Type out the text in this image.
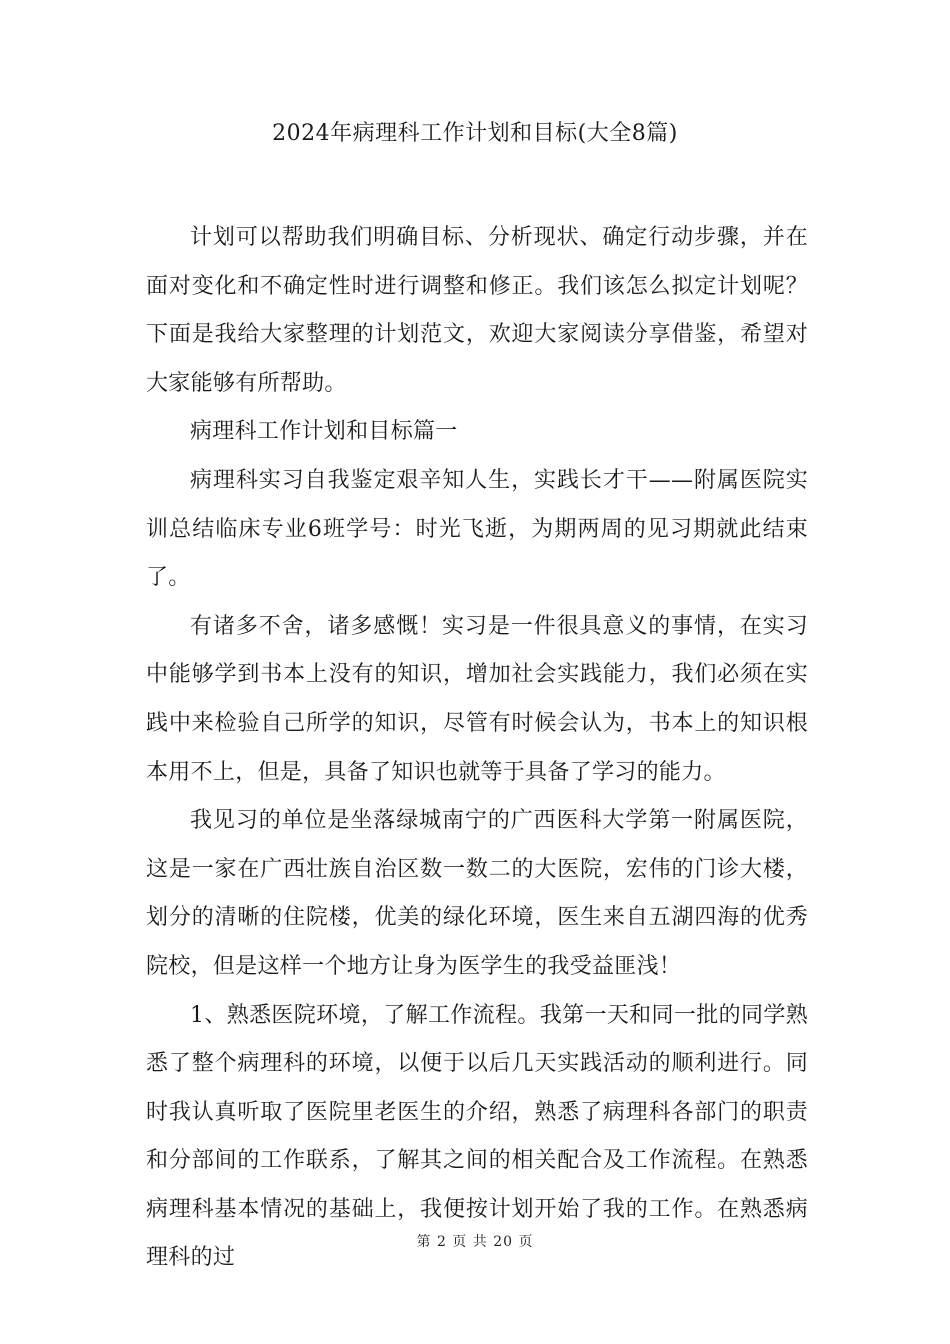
2024年病理科工作计划和目标(大全8篇)

计划可以帮助我们明确目标、分析现状、确定行动步骤，并在面对变化和不确定性时进行调整和修正。我们该怎么拟定计划呢？下面是我给大家整理的计划范文，欢迎大家阅读分享借鉴，希望对大家能够有所帮助。

病理科工作计划和目标篇一

病理科实习自我鉴定艰辛知人生，实践长才干——附属医院实训总结临床专业6班学号：时光飞逝，为期两周的见习期就此结束了。

有诸多不舍，诸多感慨！实习是一件很具意义的事情，在实习中能够学到书本上没有的知识，增加社会实践能力，我们必须在实践中来检验自己所学的知识，尽管有时候会认为，书本上的知识根本用不上，但是，具备了知识也就等于具备了学习的能力。

我见习的单位是坐落绿城南宁的广西医科大学第一附属医院，这是一家在广西壮族自治区数一数二的大医院，宏伟的门诊大楼，划分的清晰的住院楼，优美的绿化环境，医生来自五湖四海的优秀院校，但是这样一个地方让身为医学生的我受益匪浅！

1、熟悉医院环境，了解工作流程。我第一天和同一批的同学熟悉了整个病理科的环境，以便于以后几天实践活动的顺利进行。同时我认真听取了医院里老医生的介绍，熟悉了病理科各部门的职责和分部间的工作联系，了解其之间的相关配合及工作流程。在熟悉病理科基本情况的基础上，我便按计划开始了我的工作。在熟悉病理科的过

第 2 页 共 20 页
